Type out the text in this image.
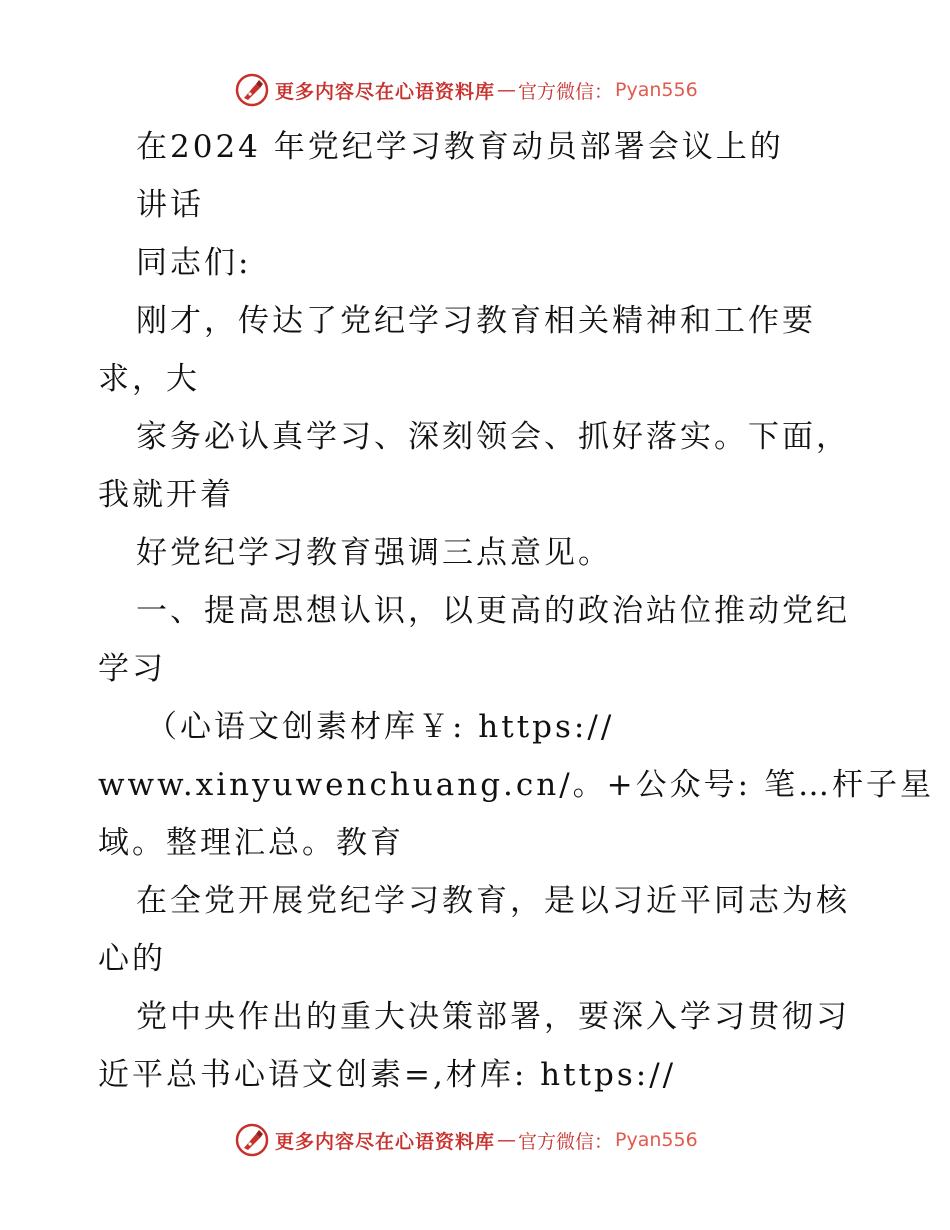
更多内容尽在心语资料库 — 官方微信： Pyan556
在2024 年党纪学习教育动员部署会议上的
讲话
同志们:
刚才，传达了党纪学习教育相关精神和工作要
求，大
家务必认真学习、深刻领会、抓好落实。下面，
我就开着
好党纪学习教育强调三点意见。
一、提高思想认识，以更高的政治站位推动党纪
学习
（心语文创素材库￥: https://
www.xinyuwenchuang.cn/。+公众号: 笔…杆子星
域。整理汇总。教育
在全党开展党纪学习教育，是以习近平同志为核
心的
党中央作出的重大决策部署，要深入学习贯彻习
近平总书心语文创素=,材库: https://
更多内容尽在心语资料库 — 官方微信： Pyan556
